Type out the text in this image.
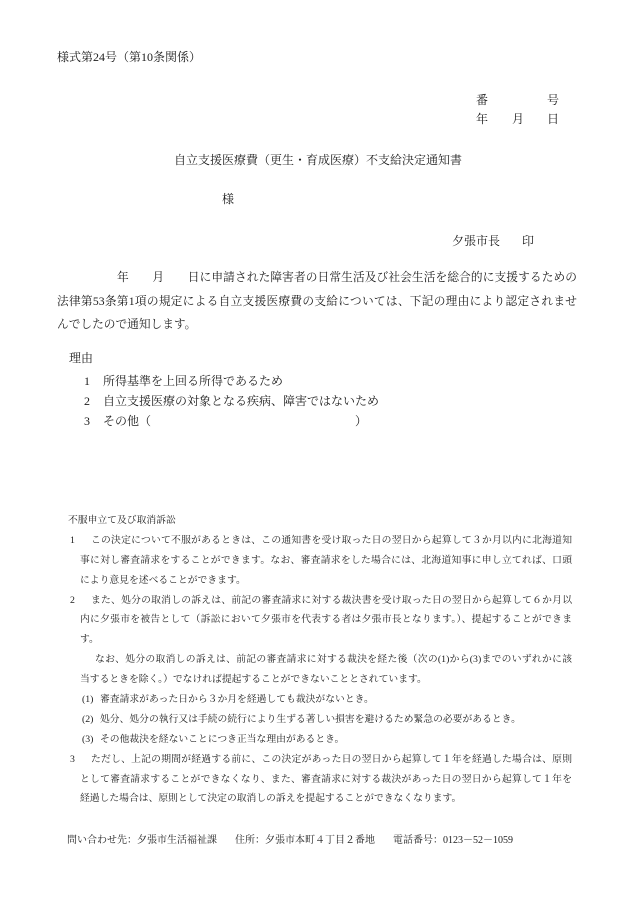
様式第24号（第10条関係）
番	号
年 月 日
自立支援医療費（更生・育成医療）不支給決定通知書
様
夕張市長 印
年　　月　　日に申請された障害者の日常生活及び社会生活を総合的に支援するための
法律第53条第1項の規定による自立支援医療費の支給については、下記の理由により認定されませ
んでしたので通知します。
理由
1 所得基準を上回る所得であるため
2 自立支援医療の対象となる疾病、障害ではないため
3 その他（	）
不服申立て及び取消訴訟
1 この決定について不服があるときは、この通知書を受け取った日の翌日から起算して３か月以内に北海道知
事に対し審査請求をすることができます。なお、審査請求をした場合には、北海道知事に申し立てれば、口頭
により意見を述べることができます。
2 また、処分の取消しの訴えは、前記の審査請求に対する裁決書を受け取った日の翌日から起算して６か月以
内に夕張市を被告として（訴訟において夕張市を代表する者は夕張市長となります。）、提起することができま
す。
なお、処分の取消しの訴えは、前記の審査請求に対する裁決を経た後（次の(1)から(3)までのいずれかに該
当するときを除く。）でなければ提起することができないこととされています。
(1) 審査請求があった日から３か月を経過しても裁決がないとき。
(2) 処分、処分の執行又は手続の続行により生ずる著しい損害を避けるため緊急の必要があるとき。
(3) その他裁決を経ないことにつき正当な理由があるとき。
3 ただし、上記の期間が経過する前に、この決定があった日の翌日から起算して１年を経過した場合は、原則
として審査請求することができなくなり、また、審査請求に対する裁決があった日の翌日から起算して１年を
経過した場合は、原則として決定の取消しの訴えを提起することができなくなります。
問い合わせ先：夕張市生活福祉課 住所：夕張市本町４丁目２番地 電話番号：0123－52－1059
